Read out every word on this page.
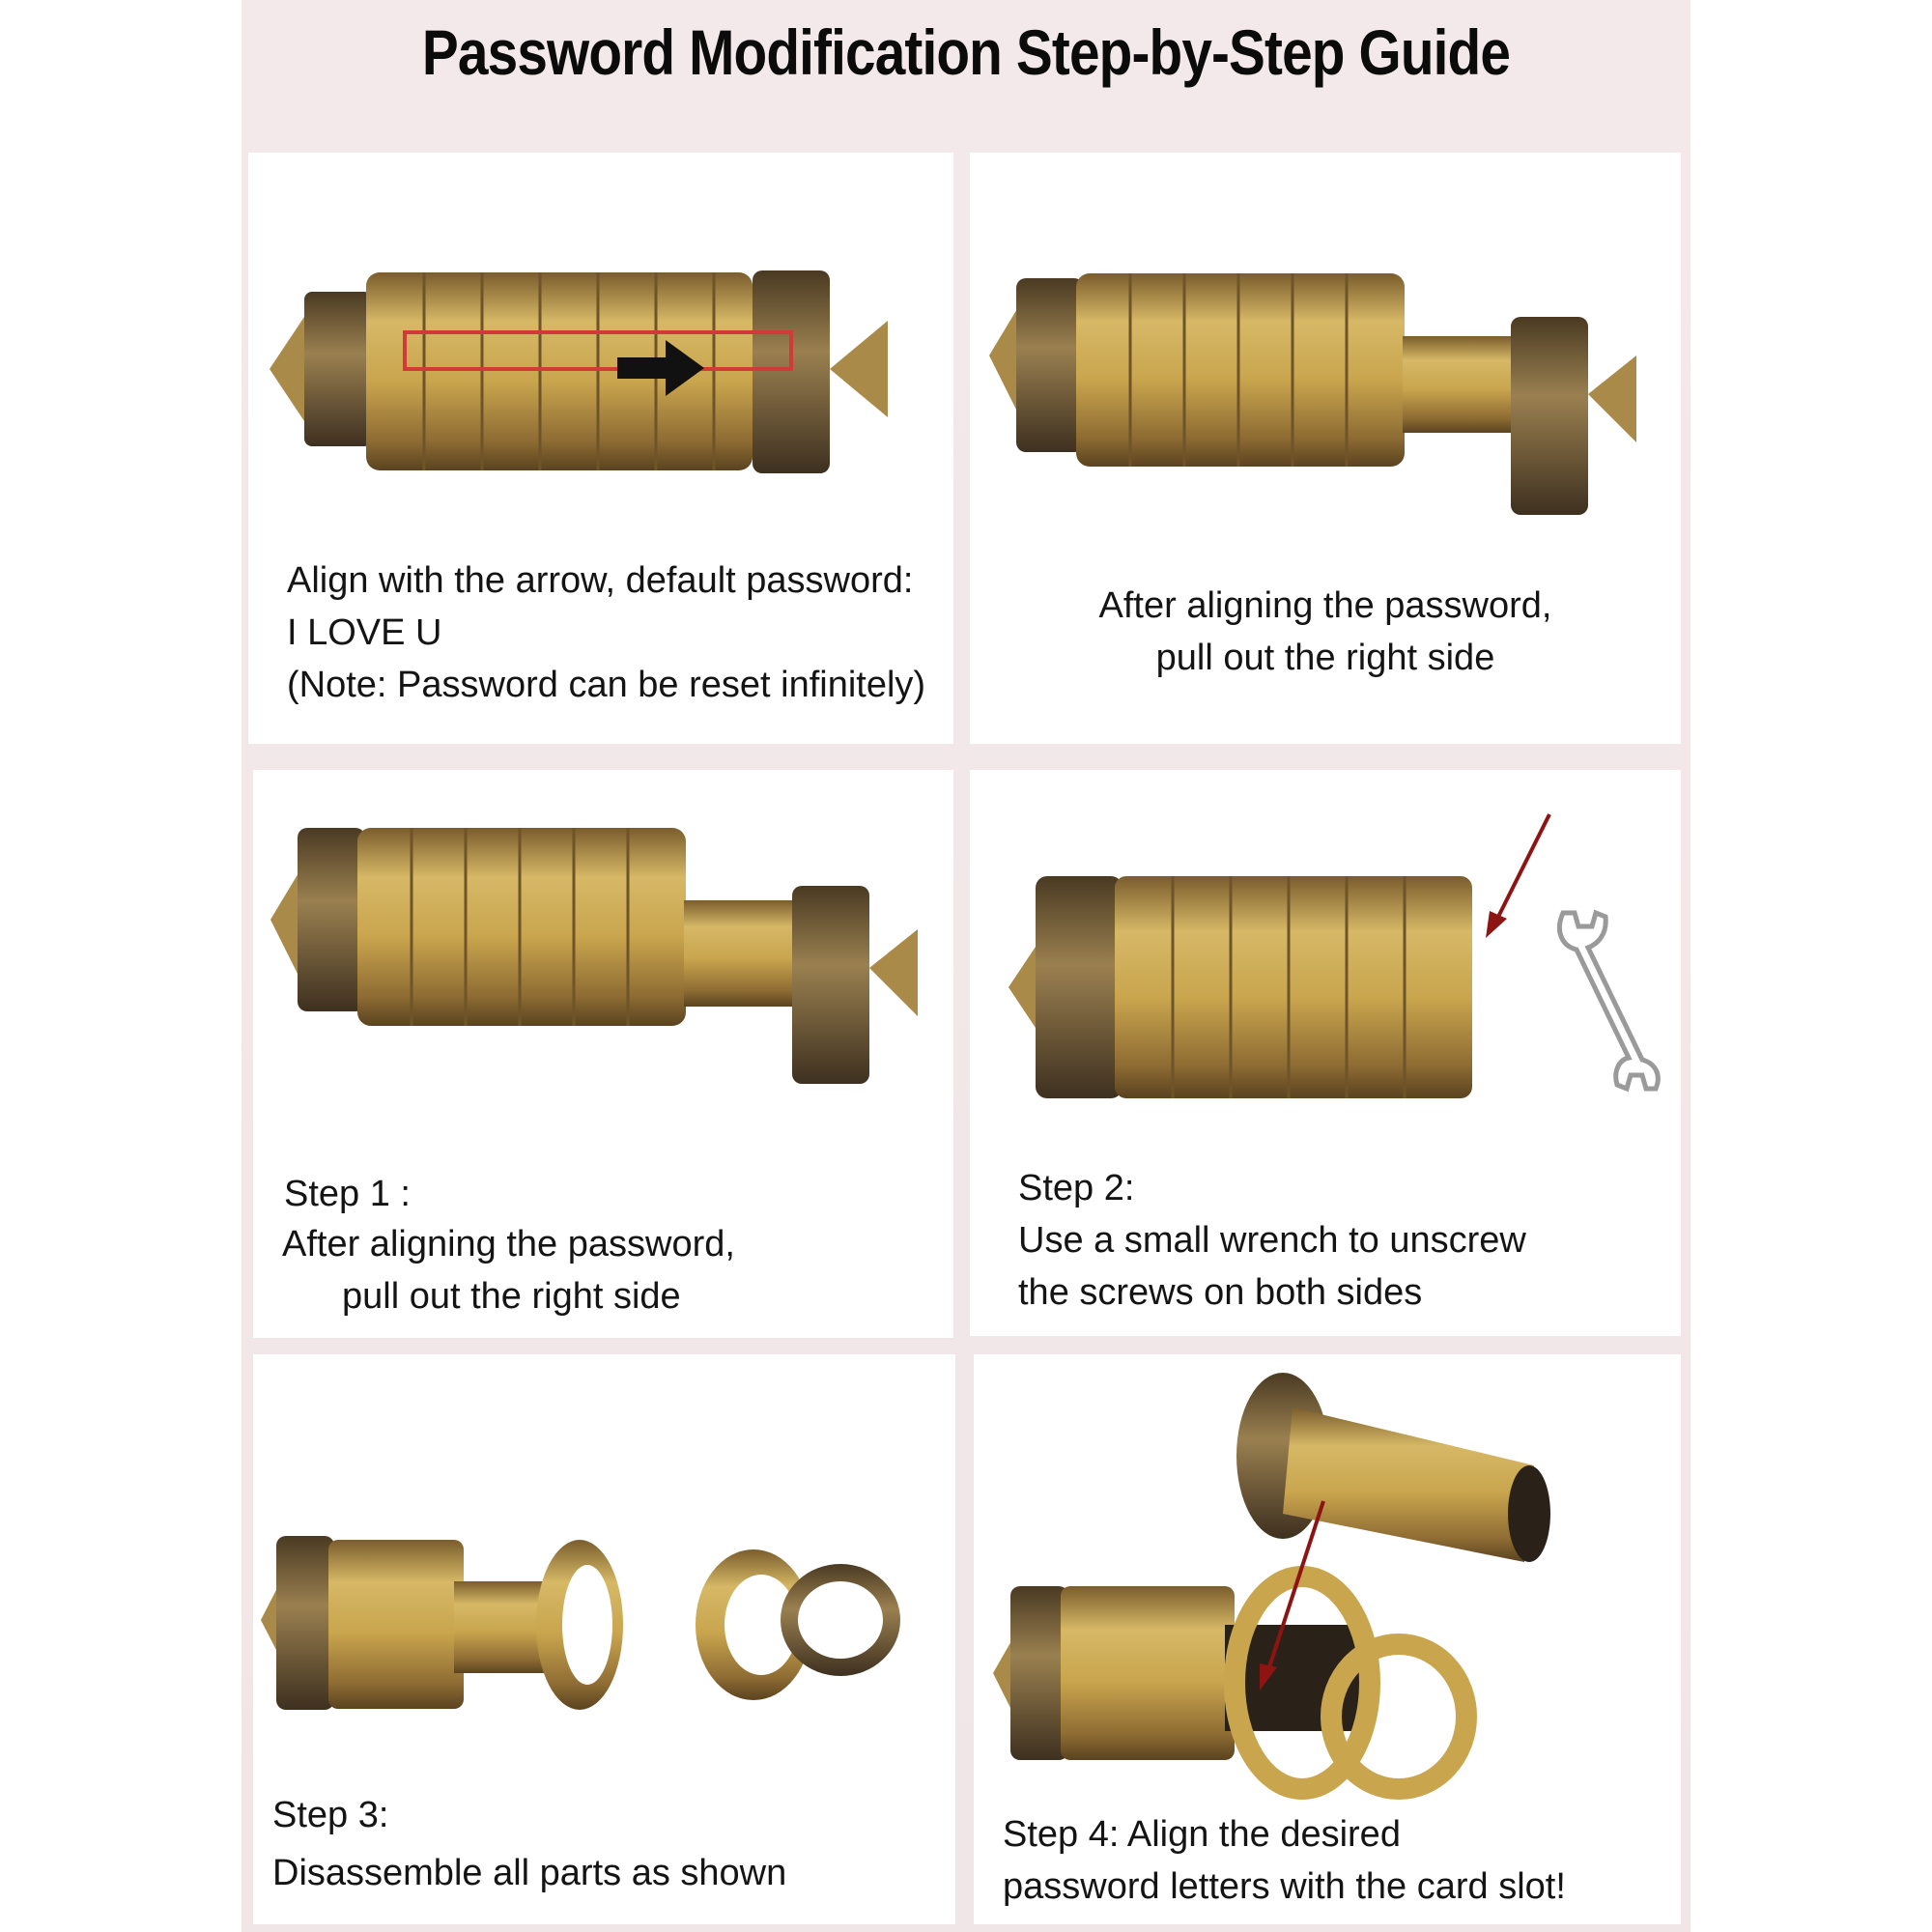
Password Modification Step-by-Step Guide
Align with the arrow, default password:
I LOVE U
(Note: Password can be reset infinitely)
After aligning the password,
pull out the right side
Step 1 :
After aligning the password,
pull out the right side
Step 2:
Use a small wrench to unscrew
the screws on both sides
Step 3:
Disassemble all parts as shown
Step 4: Align the desired
password letters with the card slot!
